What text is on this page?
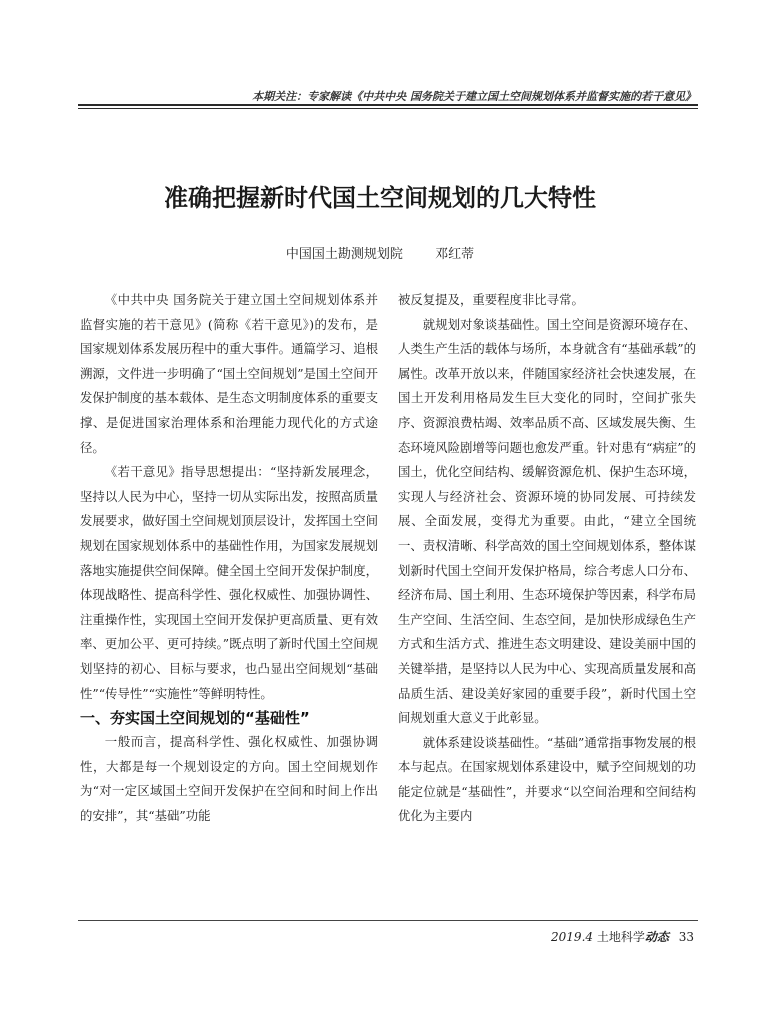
本期关注：专家解读《中共中央 国务院关于建立国土空间规划体系并监督实施的若干意见》
准确把握新时代国土空间规划的几大特性
中国国土勘测规划院 邓红蒂

《中共中央 国务院关于建立国土空间规划体系并监督实施的若干意见》(简称《若干意见》)的发布，是国家规划体系发展历程中的重大事件。通篇学习、追根溯源，文件进一步明确了“国土空间规划”是国土空间开发保护制度的基本载体、是生态文明制度体系的重要支撑、是促进国家治理体系和治理能力现代化的方式途径。

《若干意见》指导思想提出：“坚持新发展理念，坚持以人民为中心，坚持一切从实际出发，按照高质量发展要求，做好国土空间规划顶层设计，发挥国土空间规划在国家规划体系中的基础性作用，为国家发展规划落地实施提供空间保障。健全国土空间开发保护制度，体现战略性、提高科学性、强化权威性、加强协调性、注重操作性，实现国土空间开发保护更高质量、更有效率、更加公平、更可持续。”既点明了新时代国土空间规划坚持的初心、目标与要求，也凸显出空间规划“基础性”“传导性”“实施性”等鲜明特性。

一、夯实国土空间规划的“基础性”

一般而言，提高科学性、强化权威性、加强协调性，大都是每一个规划设定的方向。国土空间规划作为“对一定区域国土空间开发保护在空间和时间上作出的安排”，其“基础”功能

被反复提及，重要程度非比寻常。

就规划对象谈基础性。国土空间是资源环境存在、人类生产生活的载体与场所，本身就含有“基础承载”的属性。改革开放以来，伴随国家经济社会快速发展，在国土开发利用格局发生巨大变化的同时，空间扩张失序、资源浪费枯竭、效率品质不高、区域发展失衡、生态环境风险剧增等问题也愈发严重。针对患有“病症”的国土，优化空间结构、缓解资源危机、保护生态环境，实现人与经济社会、资源环境的协同发展、可持续发展、全面发展，变得尤为重要。由此，“建立全国统一、责权清晰、科学高效的国土空间规划体系，整体谋划新时代国土空间开发保护格局，综合考虑人口分布、经济布局、国土利用、生态环境保护等因素，科学布局生产空间、生活空间、生态空间，是加快形成绿色生产方式和生活方式、推进生态文明建设、建设美丽中国的关键举措，是坚持以人民为中心、实现高质量发展和高品质生活、建设美好家园的重要手段”，新时代国土空间规划重大意义于此彰显。

就体系建设谈基础性。“基础”通常指事物发展的根本与起点。在国家规划体系建设中，赋予空间规划的功能定位就是“基础性”，并要求“以空间治理和空间结构优化为主要内

2019.4 土地科学动态 33
